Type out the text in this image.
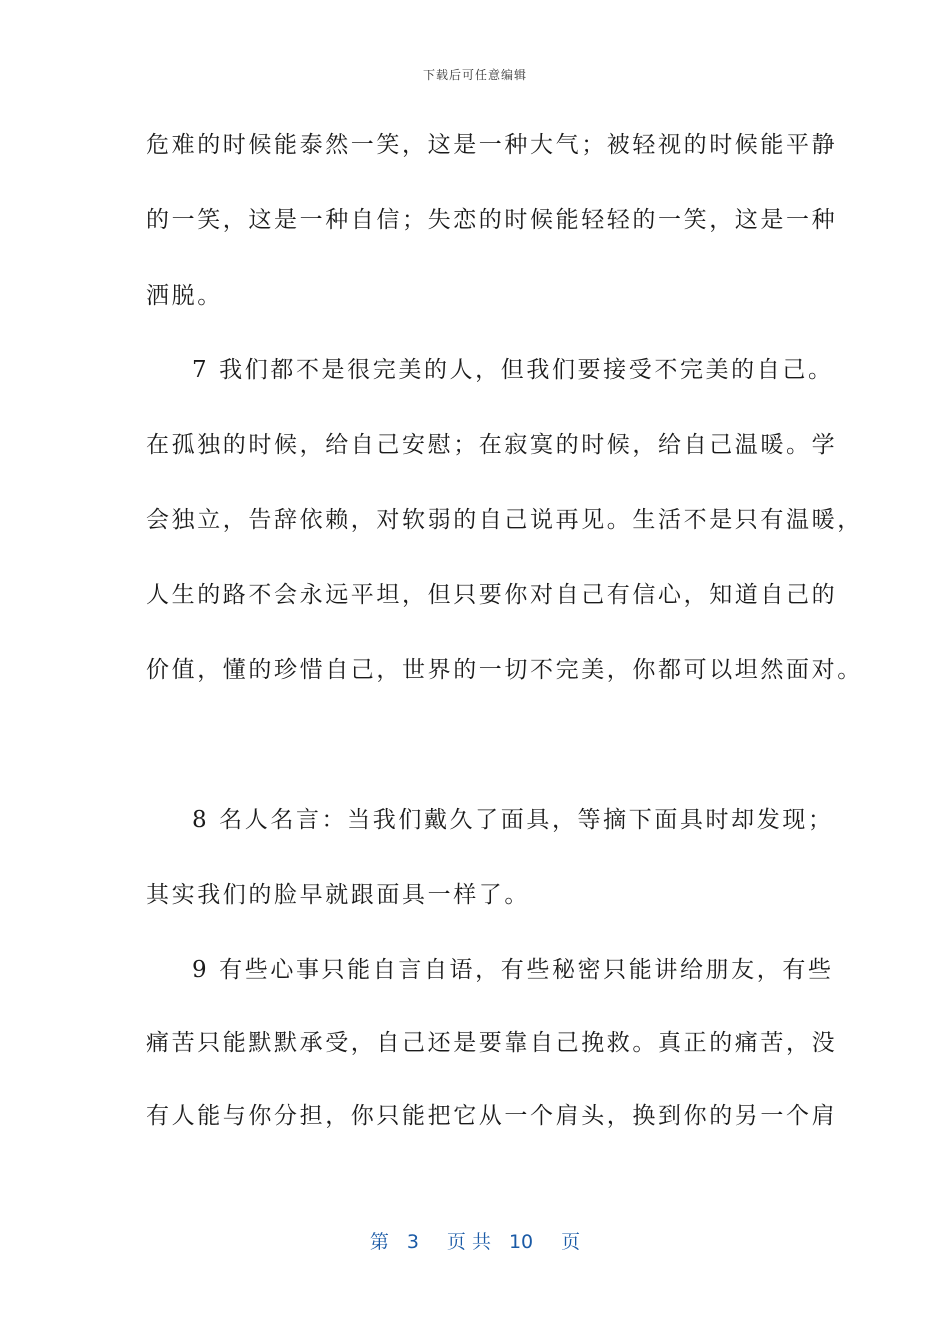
下载后可任意编辑
危难的时候能泰然一笑，这是一种大气；被轻视的时候能平静
的一笑，这是一种自信；失恋的时候能轻轻的一笑，这是一种
洒脱。
7 我们都不是很完美的人，但我们要接受不完美的自己。
在孤独的时候，给自己安慰；在寂寞的时候，给自己温暖。学
会独立，告辞依赖，对软弱的自己说再见。生活不是只有温暖，
人生的路不会永远平坦，但只要你对自己有信心，知道自己的
价值，懂的珍惜自己，世界的一切不完美，你都可以坦然面对。
8 名人名言：当我们戴久了面具，等摘下面具时却发现；
其实我们的脸早就跟面具一样了。
9 有些心事只能自言自语，有些秘密只能讲给朋友，有些
痛苦只能默默承受，自己还是要靠自己挽救。真正的痛苦，没
有人能与你分担，你只能把它从一个肩头，换到你的另一个肩
第 3 页 共 10 页
